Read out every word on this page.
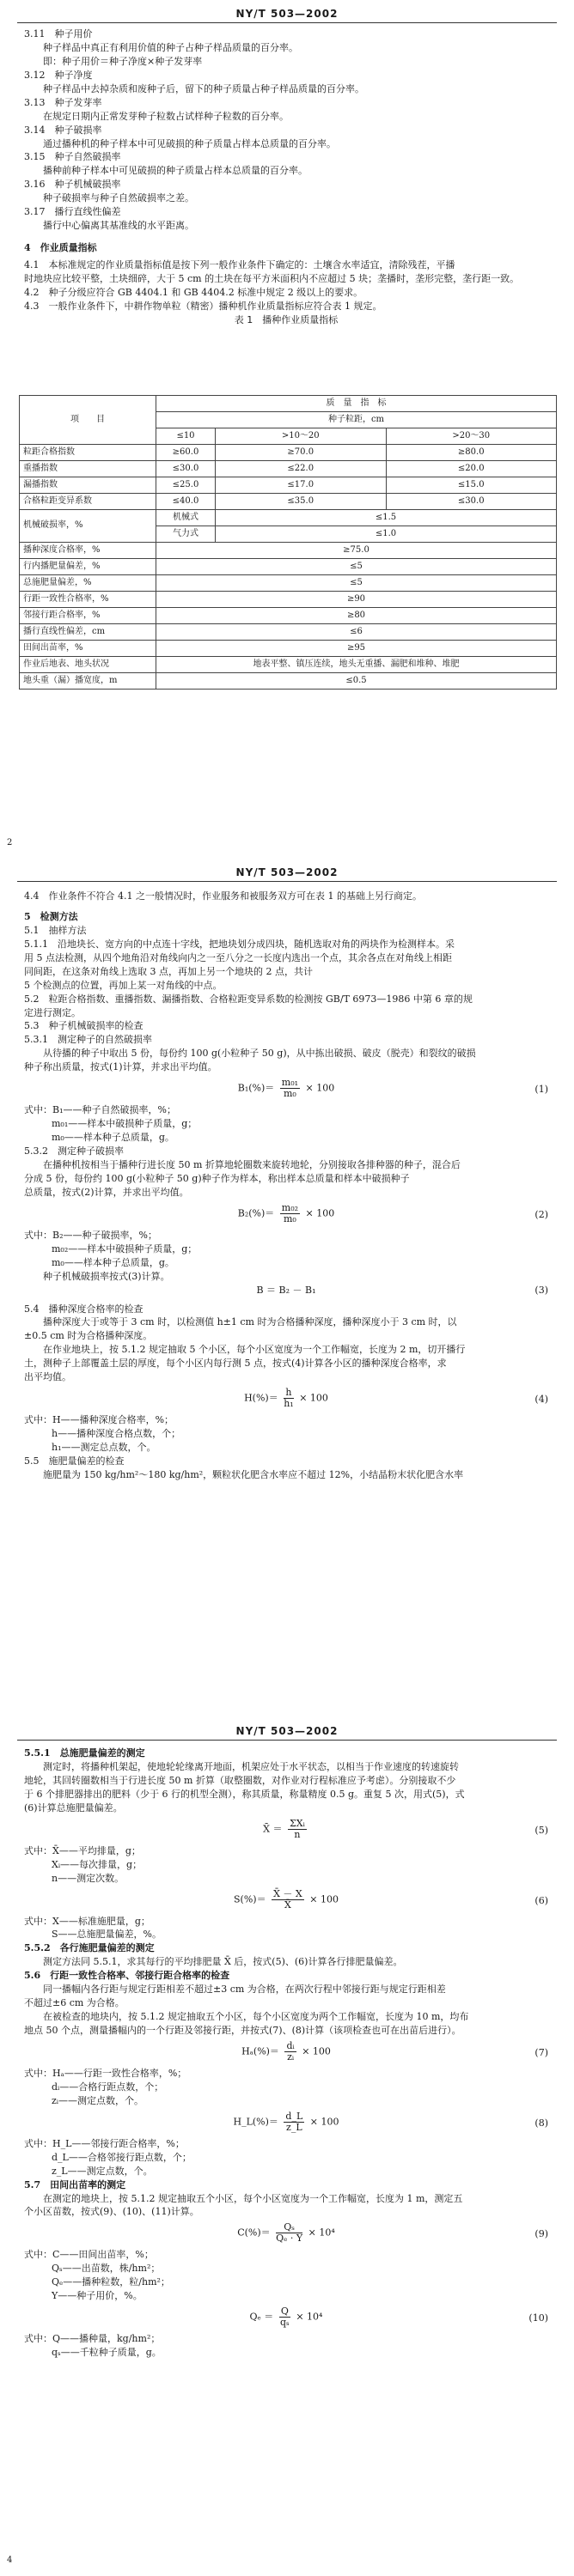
NY/T 503—2002
3.11　 种子用价
种子样品中真正有利用价值的种子占种子样品质量的百分率。
即：种子用价＝种子净度×种子发芽率
3.12　 种子净度
种子样品中去掉杂质和废种子后，留下的种子质量占种子样品质量的百分率。
3.13　 种子发芽率
在规定日期内正常发芽种子粒数占试样种子粒数的百分率。
3.14　 种子破损率
通过播种机的种子样本中可见破损的种子质量占样本总质量的百分率。
3.15　 种子自然破损率
播种前种子样本中可见破损的种子质量占样本总质量的百分率。
3.16　 种子机械破损率
种子破损率与种子自然破损率之差。
3.17　 播行直线性偏差
播行中心偏离其基准线的水平距离。
4　作业质量指标
4.1　本标准规定的作业质量指标值是按下列一般作业条件下确定的：土壤含水率适宜，清除残茬，平播
时地块应比较平整，土块细碎，大于 5 cm 的土块在每平方米面积内不应超过 5 块；垄播时，垄形完整，垄行距一致。
4.2　种子分级应符合 GB 4404.1 和 GB 4404.2 标准中规定 2 级以上的要求。
4.3　一般作业条件下，中耕作物单粒（精密）播种机作业质量指标应符合表 1 规定。
表 1　播种作业质量指标
项　　目	质　量　指　标		
	种子粒距，cm		
	≤10	>10～20	>20～30
粒距合格指数	≥60.0	≥70.0	≥80.0
重播指数	≤30.0	≤22.0	≤20.0
漏播指数	≤25.0	≤17.0	≤15.0
合格粒距变异系数	≤40.0	≤35.0	≤30.0
机械破损率，%	机械式	≤1.5	
	气力式	≤1.0	
播种深度合格率，%	≥75.0		
行内播肥量偏差，%	≤5		
总施肥量偏差，%	≤5		
行距一致性合格率，%	≥90		
邻接行距合格率，%	≥80		
播行直线性偏差，cm	≤6		
田间出苗率，%	≥95		
作业后地表、地头状况	地表平整、镇压连续，地头无重播、漏肥和堆种、堆肥		
地头重（漏）播宽度，m	≤0.5		
2
NY/T 503—2002
4.4　作业条件不符合 4.1 之一般情况时，作业服务和被服务双方可在表 1 的基础上另行商定。
5　检测方法
5.1　抽样方法
5.1.1　沿地块长、宽方向的中点连十字线，把地块划分成四块，随机选取对角的两块作为检测样本。采
用 5 点法检测，从四个地角沿对角线向内之一至八分之一长度内选出一个点，其余各点在对角线上相距
同间距，在这条对角线上选取 3 点，再加上另一个地块的 2 点，共计
5 个检测点的位置，再加上某一对角线的中点。
5.2　粒距合格指数、重播指数、漏播指数、合格粒距变异系数的检测按 GB/T 6973—1986 中第 6 章的规
定进行测定。
5.3　种子机械破损率的检查
5.3.1　测定种子的自然破损率
从待播的种子中取出 5 份，每份约 100 g(小粒种子 50 g)，从中拣出破损、破皮（脱壳）和裂纹的破损
种子称出质量，按式(1)计算，并求出平均值。
$B_1(\%)= \frac{\text{m₀₁}}{\text{m₀}} \times 100$	(1)
式中：B₁——种子自然破损率，%；
m₀₁——样本中破损种子质量，g；
m₀——样本种子总质量，g。
5.3.2　测定种子破损率
在播种机按相当于播种行进长度 50 m 折算地轮圈数来旋转地轮，分别接取各排种器的种子，混合后
分成 5 份，每份约 100 g(小粒种子 50 g)种子作为样本，称出样本总质量和样本中破损种子
总质量，按式(2)计算，并求出平均值。
$B_2(\%)= \frac{\text{m₀₂}}{\text{m₀}} \times 100$	(2)
式中：B₂——种子破损率，%；
m₀₂——样本中破损种子质量，g；
m₀——样本种子总质量，g。
种子机械破损率按式(3)计算。
B ＝ B₂ － B₁	(3)
5.4　播种深度合格率的检查
播种深度大于或等于 3 cm 时，以检测值 h±1 cm 时为合格播种深度，播种深度小于 3 cm 时，以
±0.5 cm 时为合格播种深度。
在作业地块上，按 5.1.2 规定抽取 5 个小区，每个小区宽度为一个工作幅宽，长度为 2 m，切开播行
土，测种子上部覆盖土层的厚度，每个小区内每行测 5 点，按式(4)计算各小区的播种深度合格率，求
出平均值。
$H(\%)= \frac{h}{\text{h₁}} \times 100$	(4)
式中：H——播种深度合格率，%；
h——播种深度合格点数，个；
h₁——测定总点数，个。
5.5　施肥量偏差的检查
施肥量为 150 kg/hm²～180 kg/hm²，颗粒状化肥含水率应不超过 12%，小结晶粉末状化肥含水率
NY/T 503—2002
5.5.1　总施肥量偏差的测定
测定时，将播种机架起，使地轮轮缘离开地面，机架应处于水平状态，以相当于作业速度的转速旋转
地轮，其回转圈数相当于行进长度 50 m 折算（取整圈数，对作业对行程标准应予考虑）。分别接取不少
于 6 个排肥器排出的肥料（少于 6 行的机型全测），称其质量，称量精度 0.5 g。重复 5 次，用式(5)，式
(6)计算总施肥量偏差。
X̄ ＝ $\frac{\text{ΣXᵢ}}{n}$	(5)
式中：X̄——平均排量，g；
Xᵢ——每次排量，g；
n——测定次数。
$S(\%)= \frac{X̄ - X}{X̄} \times 100$	(6)
式中：X——标准施肥量，g；
S——总施肥量偏差，%。
5.5.2　各行施肥量偏差的测定
测定方法同 5.5.1，求其每行的平均排肥量 X̄ 后，按式(5)、(6)计算各行排肥量偏差。
5.6　行距一致性合格率、邻接行距合格率的检查
同一播幅内各行距与规定行距相差不超过±3 cm 为合格，在两次行程中邻接行距与规定行距相差
不超过±6 cm 为合格。
在被检查的地块内，按 5.1.2 规定抽取五个小区，每个小区宽度为两个工作幅宽，长度为 10 m，均布
地点 50 个点，测量播幅内的一个行距及邻接行距，并按式(7)、(8)计算（该项检查也可在出苗后进行）。
$H_a(\%)= \frac{\text{dᵢ}}{\text{zᵢ}} \times 100$	(7)
式中：Hₐ——行距一致性合格率，%；
dᵢ——合格行距点数，个；
zᵢ——测定点数，个。
H_L(%)＝ $\frac{d\_L}{z\_L} \times 100$	(8)
式中：H_L——邻接行距合格率，%；
d_L——合格邻接行距点数，个；
z_L——测定点数，个。
5.7　田间出苗率的测定
在测定的地块上，按 5.1.2 规定抽取五个小区，每个小区宽度为一个工作幅宽，长度为 1 m，测定五
个小区苗数，按式(9)、(10)、(11)计算。
$C(\%)= \frac{\text{Qₛ}}{\text{Qₑ · Y}} \times 10^4$	(9)
式中：C——田间出苗率，%；
Qₛ——出苗数，株/hm²；
Qₑ——播种粒数，粒/hm²；
Y——种子用价，%。
$Q_e = \frac{Q}{\text{qₛ}} \times 10^4$	(10)
式中：Q——播种量，kg/hm²；
qₛ——千粒种子质量，g。
4
